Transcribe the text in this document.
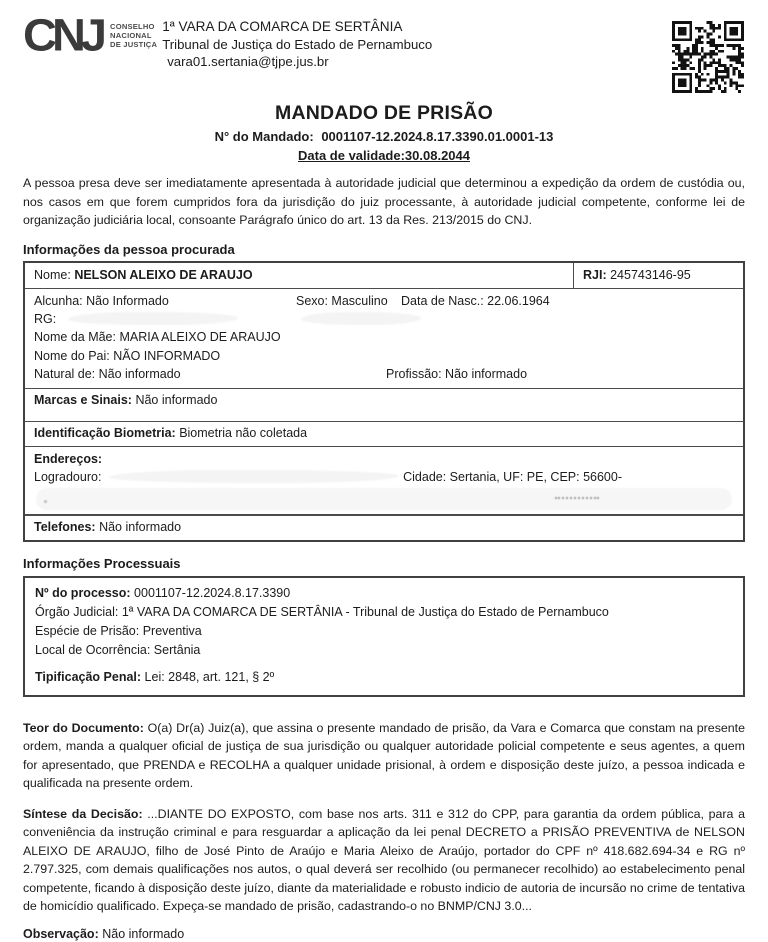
CNJ CONSELHO
NACIONAL
DE JUSTIÇA
1ª VARA DA COMARCA DE SERTÂNIA
Tribunal de Justiça do Estado de Pernambuco
vara01.sertania@tjpe.jus.br
MANDADO DE PRISÃO
N° do Mandado: 0001107-12.2024.8.17.3390.01.0001-13
Data de validade:30.08.2044
A pessoa presa deve ser imediatamente apresentada à autoridade judicial que determinou a expedição da ordem de custódia ou, nos casos em que forem cumpridos fora da jurisdição do juiz processante, à autoridade judicial competente, conforme lei de organização judiciária local, consoante Parágrafo único do art. 13 da Res. 213/2015 do CNJ.
Informações da pessoa procurada
Nome: NELSON ALEIXO DE ARAUJO	RJI: 245743146-95
Alcunha: Não Informado	Sexo: Masculino Data de Nasc.: 22.06.1964
RG:
Nome da Mãe: MARIA ALEIXO DE ARAUJO
Nome do Pai: NÃO INFORMADO
Natural de: Não informado	Profissão: Não informado
Marcas e Sinais: Não informado
Identificação Biometria: Biometria não coletada
Endereços:
Logradouro:	Cidade: Sertania, UF: PE, CEP: 56600-
Telefones: Não informado
Informações Processuais
Nº do processo: 0001107-12.2024.8.17.3390
Órgão Judicial: 1ª VARA DA COMARCA DE SERTÂNIA - Tribunal de Justiça do Estado de Pernambuco
Espécie de Prisão: Preventiva
Local de Ocorrência: Sertânia
Tipificação Penal: Lei: 2848, art. 121, § 2º
Teor do Documento: O(a) Dr(a) Juiz(a), que assina o presente mandado de prisão, da Vara e Comarca que constam na presente ordem, manda a qualquer oficial de justiça de sua jurisdição ou qualquer autoridade policial competente e seus agentes, a quem for apresentado, que PRENDA e RECOLHA a qualquer unidade prisional, à ordem e disposição deste juízo, a pessoa indicada e qualificada na presente ordem.
Síntese da Decisão: ...DIANTE DO EXPOSTO, com base nos arts. 311 e 312 do CPP, para garantia da ordem pública, para a conveniência da instrução criminal e para resguardar a aplicação da lei penal DECRETO a PRISÃO PREVENTIVA de NELSON ALEIXO DE ARAUJO, filho de José Pinto de Araújo e Maria Aleixo de Araújo, portador do CPF nº 418.682.694-34 e RG nº 2.797.325, com demais qualificações nos autos, o qual deverá ser recolhido (ou permanecer recolhido) ao estabelecimento penal competente, ficando à disposição deste juízo, diante da materialidade e robusto indicio de autoria de incursão no crime de tentativa de homicídio qualificado. Expeça-se mandado de prisão, cadastrando-o no BNMP/CNJ 3.0...
Observação: Não informado
